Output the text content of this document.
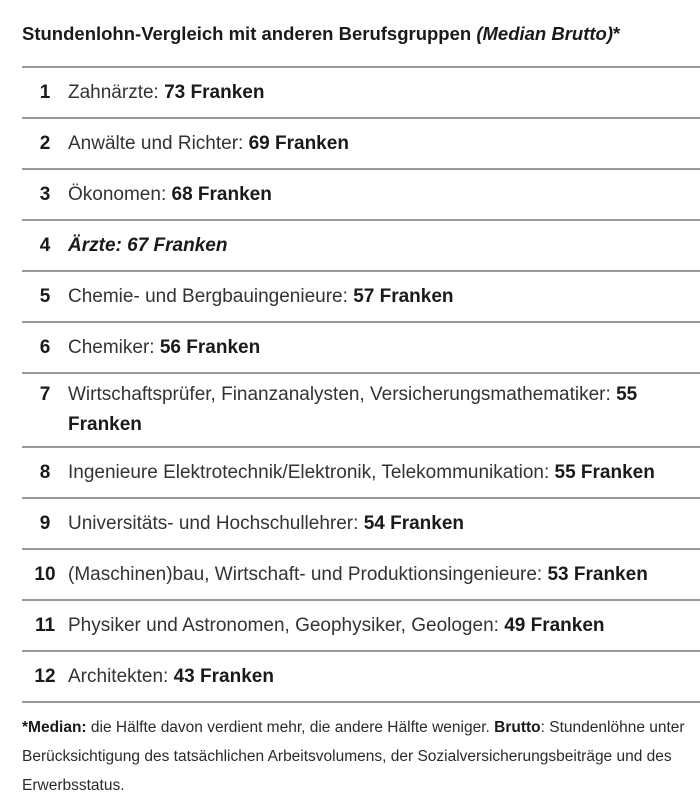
Stundenlohn-Vergleich mit anderen Berufsgruppen (Median Brutto)*
1 Zahnärzte: 73 Franken
2 Anwälte und Richter: 69 Franken
3 Ökonomen: 68 Franken
4 Ärzte: 67 Franken
5 Chemie- und Bergbauingenieure: 57 Franken
6 Chemiker: 56 Franken
7 Wirtschaftsprüfer, Finanzanalysten, Versicherungsmathematiker: 55 Franken
8 Ingenieure Elektrotechnik/Elektronik, Telekommunikation: 55 Franken
9 Universitäts- und Hochschullehrer: 54 Franken
10 (Maschinen)bau, Wirtschaft- und Produktionsingenieure: 53 Franken
11 Physiker und Astronomen, Geophysiker, Geologen: 49 Franken
12 Architekten: 43 Franken
*Median: die Hälfte davon verdient mehr, die andere Hälfte weniger. Brutto: Stundenlöhne unter Berücksichtigung des tatsächlichen Arbeitsvolumens, der Sozialversicherungsbeiträge und des Erwerbsstatus.
